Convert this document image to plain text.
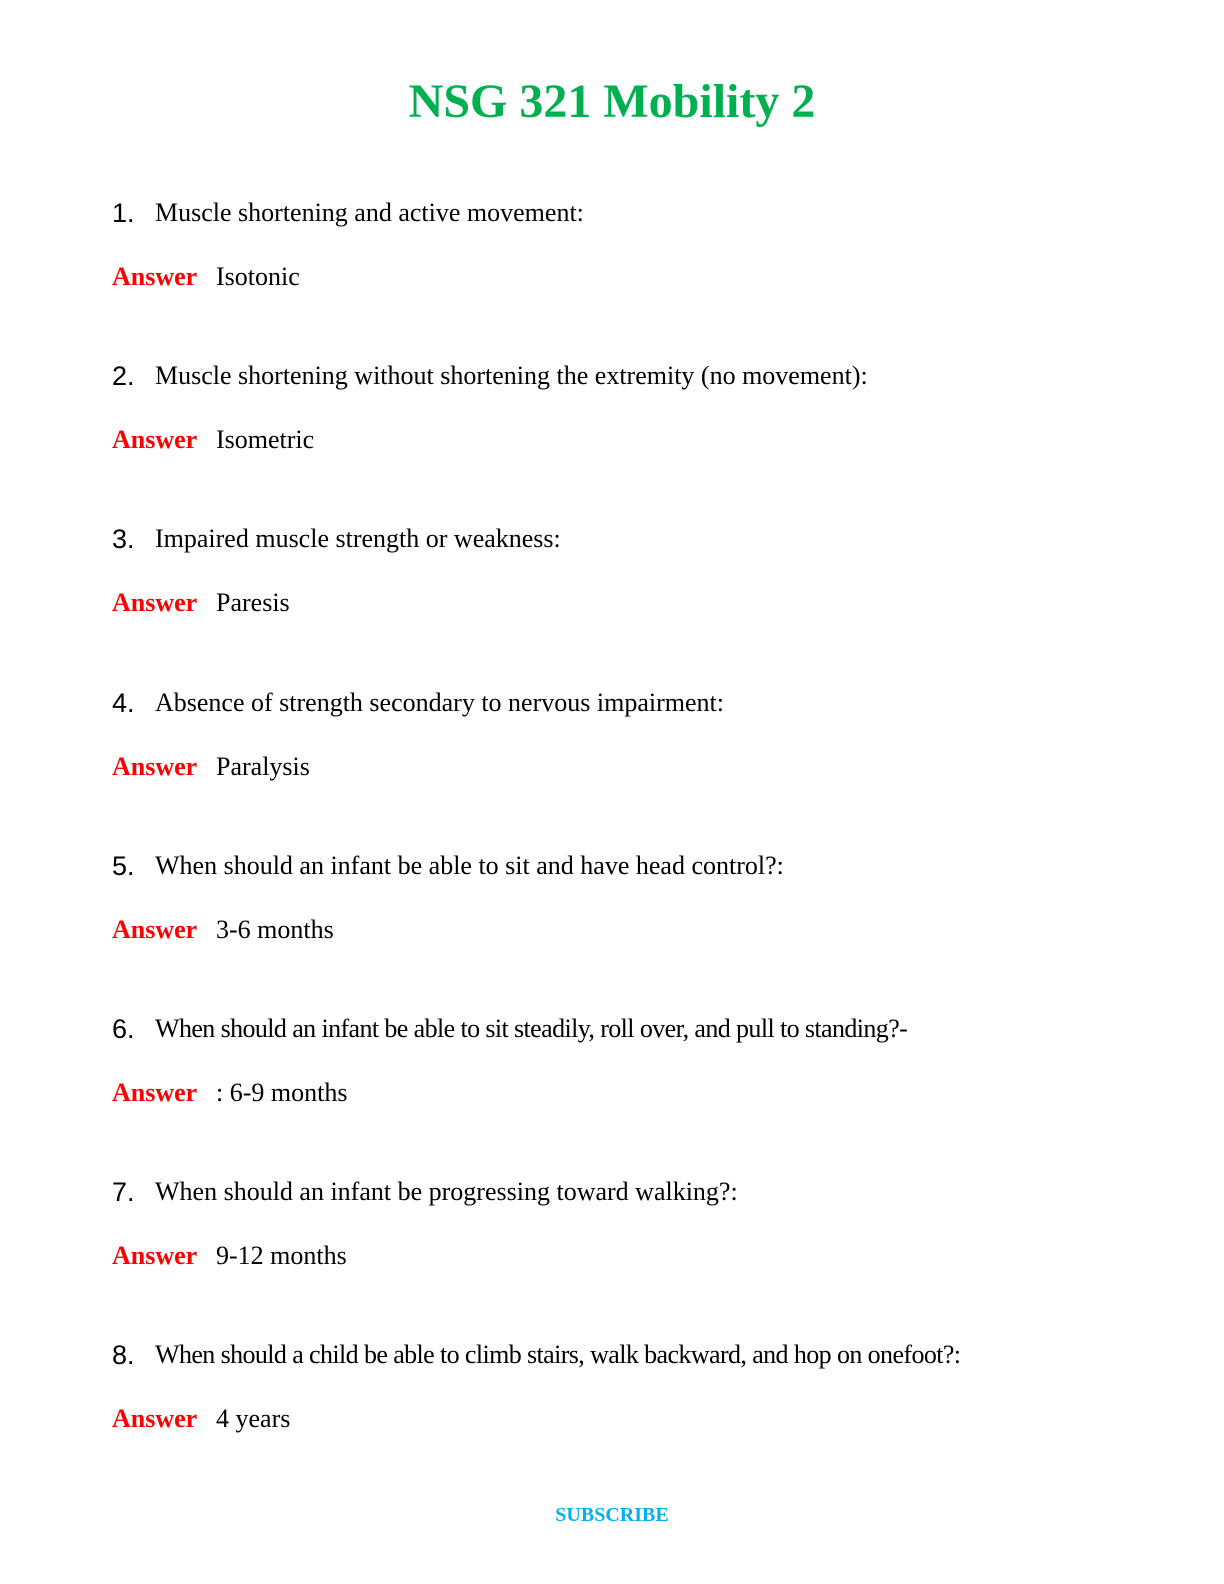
NSG 321 Mobility 2
1. Muscle shortening and active movement:
Answer Isotonic
2. Muscle shortening without shortening the extremity (no movement):
Answer Isometric
3. Impaired muscle strength or weakness:
Answer Paresis
4. Absence of strength secondary to nervous impairment:
Answer Paralysis
5. When should an infant be able to sit and have head control?:
Answer 3-6 months
6. When should an infant be able to sit steadily, roll over, and pull to standing?-
Answer : 6-9 months
7. When should an infant be progressing toward walking?:
Answer 9-12 months
8. When should a child be able to climb stairs, walk backward, and hop on onefoot?:
Answer 4 years
SUBSCRIBE
